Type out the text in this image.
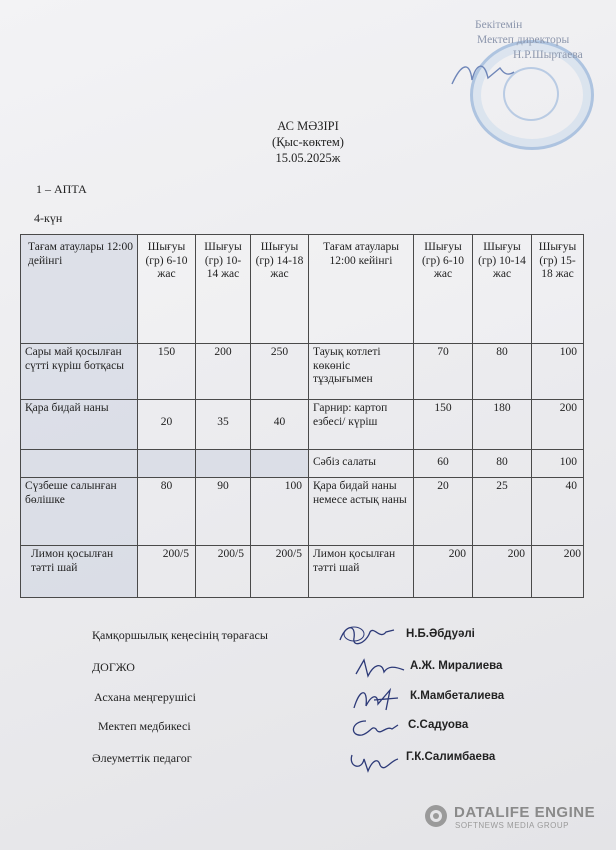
Бекітемін
Мектеп директоры
Н.Р.Шыртаева
АС МӘЗІРІ
(Қыс-көктем)
15.05.2025ж
1 – АПТА
4-күн
Тағам атаулары 12:00 дейінгі	Шығуы (гр) 6-10 жас	Шығуы (гр) 10-14 жас	Шығуы (гр) 14-18 жас	Тағам атаулары 12:00 кейінгі	Шығуы (гр) 6-10 жас	Шығуы (гр) 10-14 жас	Шығуы (гр) 15-18 жас
Сары май қосылған сүтті күріш ботқасы	150	200	250	Тауық котлеті көкөніс тұздығымен	70	80	100
Қара бидай наны	20	35	40	Гарнир: картоп езбесі/ күріш	150	180	200
				Сәбіз салаты	60	80	100
Сүзбеше салынған бөлішке	80	90	100	Қара бидай наны немесе астық наны	20	25	40
Лимон қосылған тәтті шай	200/5	200/5	200/5	Лимон қосылған тәтті шай	200	200	200
Қамқоршылық кеңесінің төрағасы	Н.Б.Әбдуәлі
ДОГЖО	А.Ж. Миралиева
Асхана меңгерушісі	К.Мамбеталиева
Мектеп медбикесі	С.Садуова
Әлеуметтік педагог	Г.К.Салимбаева
DATALIFE ENGINE
SOFTNEWS MEDIA GROUP
